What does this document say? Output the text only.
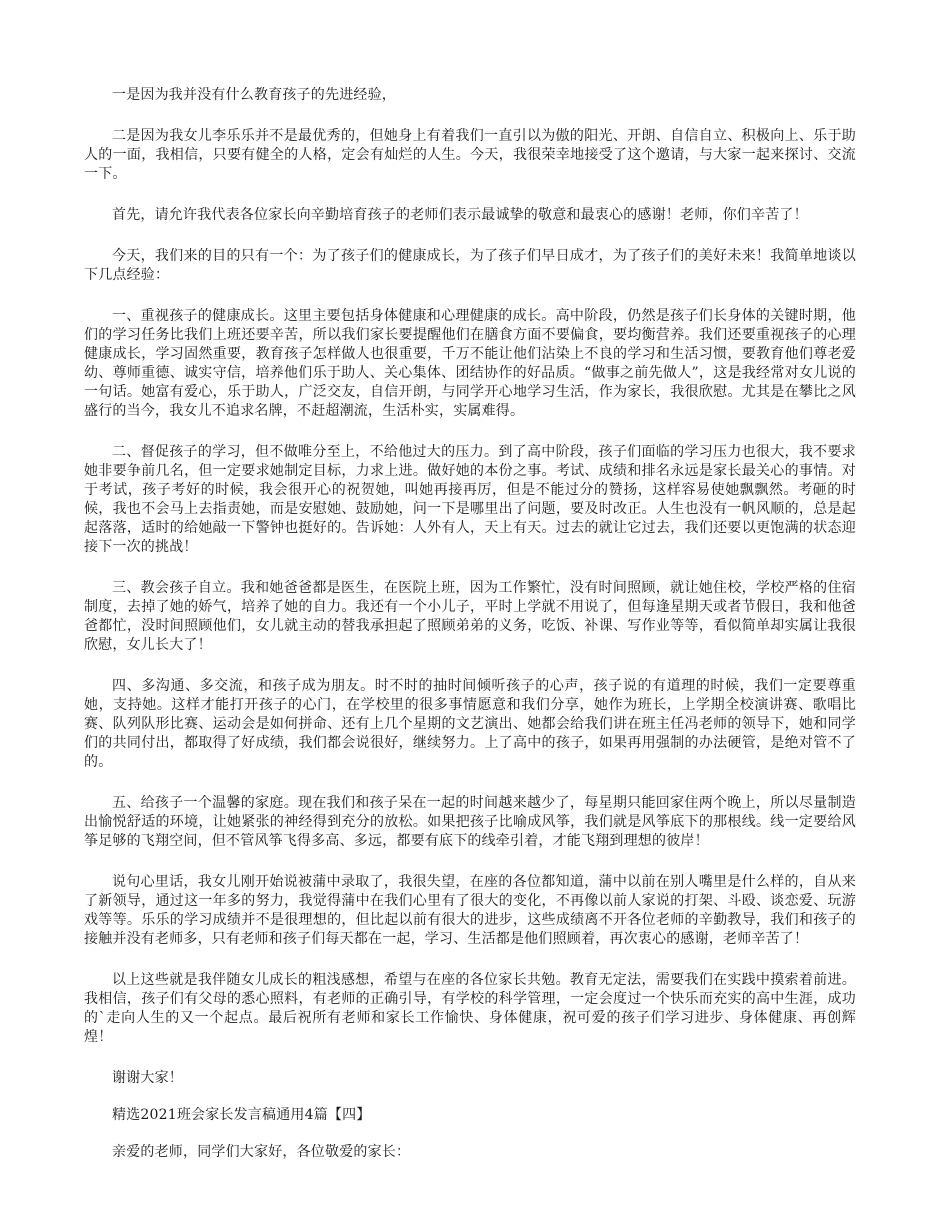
一是因为我并没有什么教育孩子的先进经验，

二是因为我女儿李乐乐并不是最优秀的，但她身上有着我们一直引以为傲的阳光、开朗、自信自立、积极向上、乐于助人的一面，我相信，只要有健全的人格，定会有灿烂的人生。今天，我很荣幸地接受了这个邀请，与大家一起来探讨、交流一下。

首先，请允许我代表各位家长向辛勤培育孩子的老师们表示最诚挚的敬意和最衷心的感谢！老师，你们辛苦了！

今天，我们来的目的只有一个：为了孩子们的健康成长，为了孩子们早日成才，为了孩子们的美好未来！我简单地谈以下几点经验：

一、重视孩子的健康成长。这里主要包括身体健康和心理健康的成长。高中阶段，仍然是孩子们长身体的关键时期，他们的学习任务比我们上班还要辛苦，所以我们家长要提醒他们在膳食方面不要偏食，要均衡营养。我们还要重视孩子的心理健康成长，学习固然重要，教育孩子怎样做人也很重要，千万不能让他们沾染上不良的学习和生活习惯，要教育他们尊老爱幼、尊师重德、诚实守信，培养他们乐于助人、关心集体、团结协作的好品质。“做事之前先做人”，这是我经常对女儿说的一句话。她富有爱心，乐于助人，广泛交友，自信开朗，与同学开心地学习生活，作为家长，我很欣慰。尤其是在攀比之风盛行的当今，我女儿不追求名牌，不赶超潮流，生活朴实，实属难得。

二、督促孩子的学习，但不做唯分至上，不给他过大的压力。到了高中阶段，孩子们面临的学习压力也很大，我不要求她非要争前几名，但一定要求她制定目标，力求上进。做好她的本份之事。考试、成绩和排名永远是家长最关心的事情。对于考试，孩子考好的时候，我会很开心的祝贺她，叫她再接再厉，但是不能过分的赞扬，这样容易使她飘飘然。考砸的时候，我也不会马上去指责她，而是安慰她、鼓励她，问一下是哪里出了问题，要及时改正。人生也没有一帆风顺的，总是起起落落，适时的给她敲一下警钟也挺好的。告诉她：人外有人，天上有天。过去的就让它过去，我们还要以更饱满的状态迎接下一次的挑战！

三、教会孩子自立。我和她爸爸都是医生，在医院上班，因为工作繁忙，没有时间照顾，就让她住校，学校严格的住宿制度，去掉了她的娇气，培养了她的自力。我还有一个小儿子，平时上学就不用说了，但每逢星期天或者节假日，我和他爸爸都忙，没时间照顾他们，女儿就主动的替我承担起了照顾弟弟的义务，吃饭、补课、写作业等等，看似简单却实属让我很欣慰，女儿长大了！

四、多沟通、多交流，和孩子成为朋友。时不时的抽时间倾听孩子的心声，孩子说的有道理的时候，我们一定要尊重她，支持她。这样才能打开孩子的心门，在学校里的很多事情愿意和我们分享，她作为班长，上学期全校演讲赛、歌唱比赛、队列队形比赛、运动会是如何拼命、还有上几个星期的文艺演出、她都会给我们讲在班主任冯老师的领导下，她和同学们的共同付出，都取得了好成绩，我们都会说很好，继续努力。上了高中的孩子，如果再用强制的办法硬管，是绝对管不了的。

五、给孩子一个温馨的家庭。现在我们和孩子呆在一起的时间越来越少了，每星期只能回家住两个晚上，所以尽量制造出愉悦舒适的环境，让她紧张的神经得到充分的放松。如果把孩子比喻成风筝，我们就是风筝底下的那根线。线一定要给风筝足够的飞翔空间，但不管风筝飞得多高、多远，都要有底下的线牵引着，才能飞翔到理想的彼岸！

说句心里话，我女儿刚开始说被蒲中录取了，我很失望，在座的各位都知道，蒲中以前在别人嘴里是什么样的，自从来了新领导，通过这一年多的努力，我觉得蒲中在我们心里有了很大的变化，不再像以前人家说的打架、斗殴、谈恋爱、玩游戏等等。乐乐的学习成绩并不是很理想的，但比起以前有很大的进步，这些成绩离不开各位老师的辛勤教导，我们和孩子的接触并没有老师多，只有老师和孩子们每天都在一起，学习、生活都是他们照顾着，再次衷心的感谢，老师辛苦了！

以上这些就是我伴随女儿成长的粗浅感想，希望与在座的各位家长共勉。教育无定法，需要我们在实践中摸索着前进。我相信，孩子们有父母的悉心照料，有老师的正确引导，有学校的科学管理，一定会度过一个快乐而充实的高中生涯，成功的`走向人生的又一个起点。最后祝所有老师和家长工作愉快、身体健康，祝可爱的孩子们学习进步、身体健康、再创辉煌！

谢谢大家！

精选2021班会家长发言稿通用4篇【四】

亲爱的老师，同学们大家好，各位敬爱的家长：
